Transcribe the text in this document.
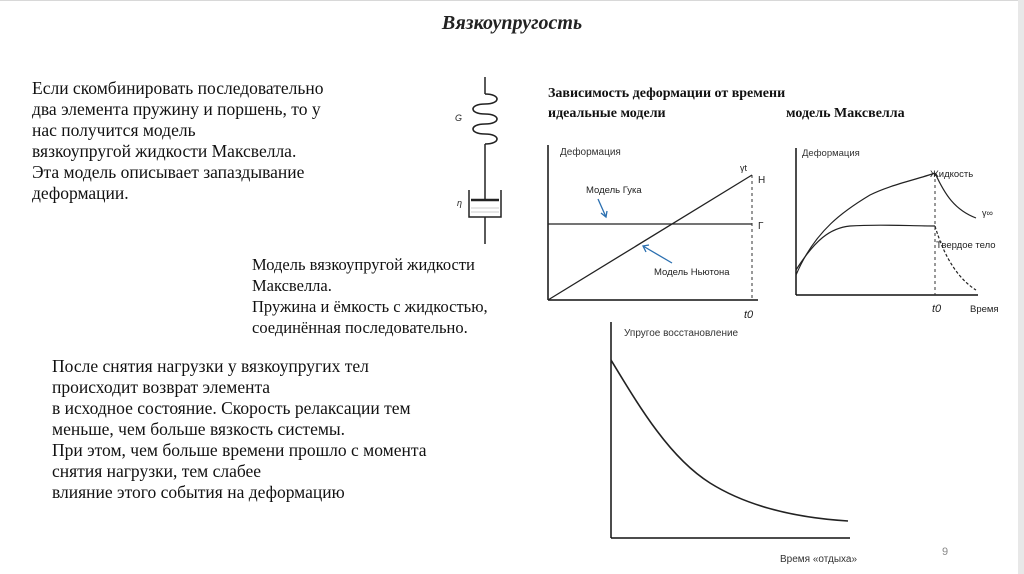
Вязкоупругость
Если скомбинировать последовательно
два элемента пружину и поршень, то у
нас получится модель
вязкоупругой жидкости Максвелла.
Эта модель описывает запаздывание
деформации.
Модель вязкоупругой жидкости
Максвелла.
Пружина и ёмкость с жидкостью,
соединённая последовательно.
После снятия нагрузки у вязкоупругих тел
происходит возврат элемента
в исходное состояние. Скорость релаксации тем
меньше, чем больше вязкость системы.
При этом, чем больше времени прошло с момента
снятия нагрузки, тем слабее
влияние этого события на деформацию
G
η
Зависимость деформации от времени
идеальные модели	модель Максвелла
Деформация
t0
γt
Н
Г
Модель Гука
Модель Ньютона
Деформация
Жидкость
γ∞
Твердое тело
t0	Время
Упругое восстановление
Время «отдыха»
9
